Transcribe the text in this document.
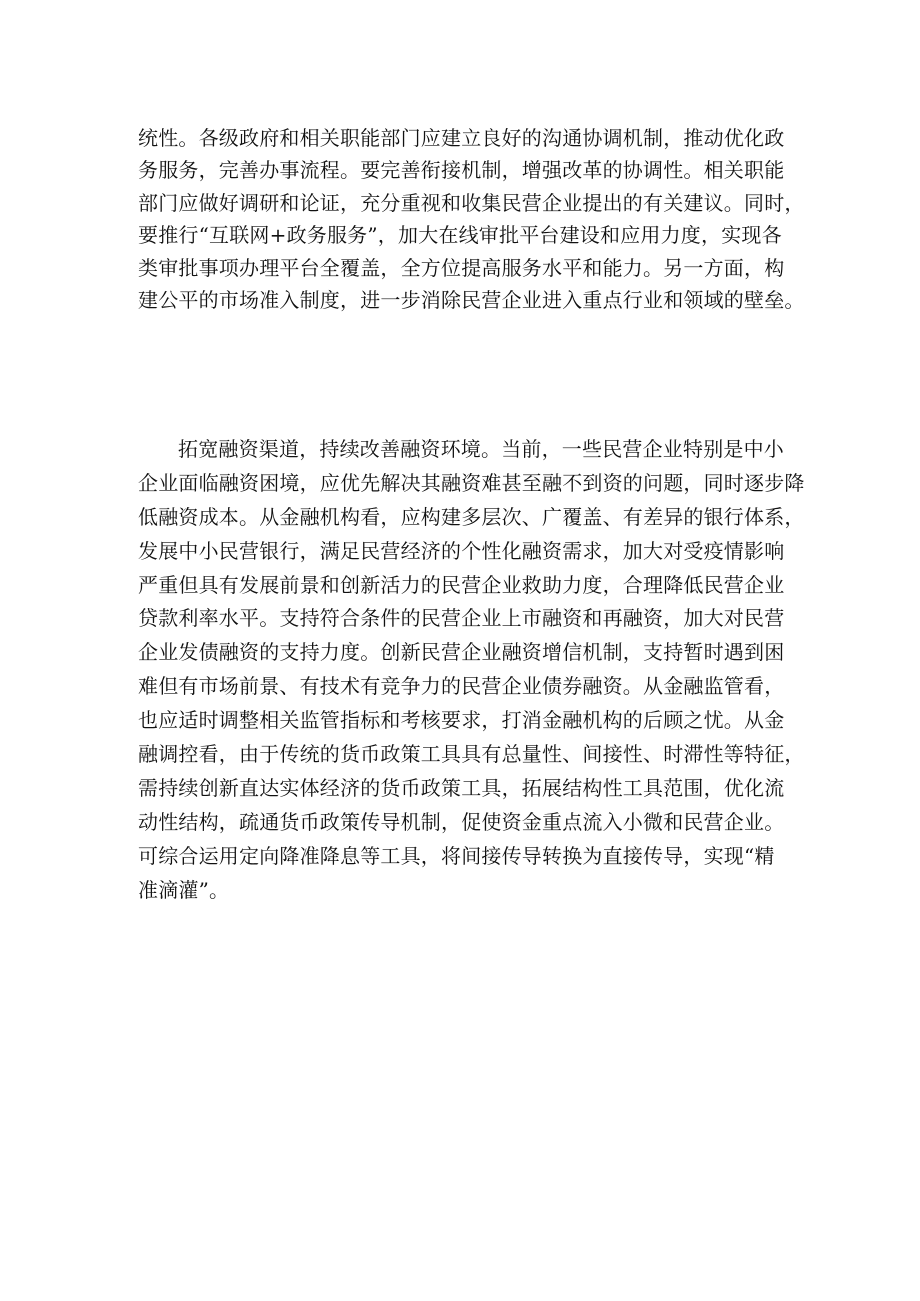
统性。各级政府和相关职能部门应建立良好的沟通协调机制，推动优化政
务服务，完善办事流程。要完善衔接机制，增强改革的协调性。相关职能
部门应做好调研和论证，充分重视和收集民营企业提出的有关建议。同时，
要推行“互联网+政务服务”，加大在线审批平台建设和应用力度，实现各
类审批事项办理平台全覆盖，全方位提高服务水平和能力。另一方面，构
建公平的市场准入制度，进一步消除民营企业进入重点行业和领域的壁垒。
拓宽融资渠道，持续改善融资环境。当前，一些民营企业特别是中小
企业面临融资困境，应优先解决其融资难甚至融不到资的问题，同时逐步降
低融资成本。从金融机构看，应构建多层次、广覆盖、有差异的银行体系，
发展中小民营银行，满足民营经济的个性化融资需求，加大对受疫情影响
严重但具有发展前景和创新活力的民营企业救助力度，合理降低民营企业
贷款利率水平。支持符合条件的民营企业上市融资和再融资，加大对民营
企业发债融资的支持力度。创新民营企业融资增信机制，支持暂时遇到困
难但有市场前景、有技术有竞争力的民营企业债券融资。从金融监管看，
也应适时调整相关监管指标和考核要求，打消金融机构的后顾之忧。从金
融调控看，由于传统的货币政策工具具有总量性、间接性、时滞性等特征，
需持续创新直达实体经济的货币政策工具，拓展结构性工具范围，优化流
动性结构，疏通货币政策传导机制，促使资金重点流入小微和民营企业。
可综合运用定向降准降息等工具，将间接传导转换为直接传导，实现“精
准滴灌”。
